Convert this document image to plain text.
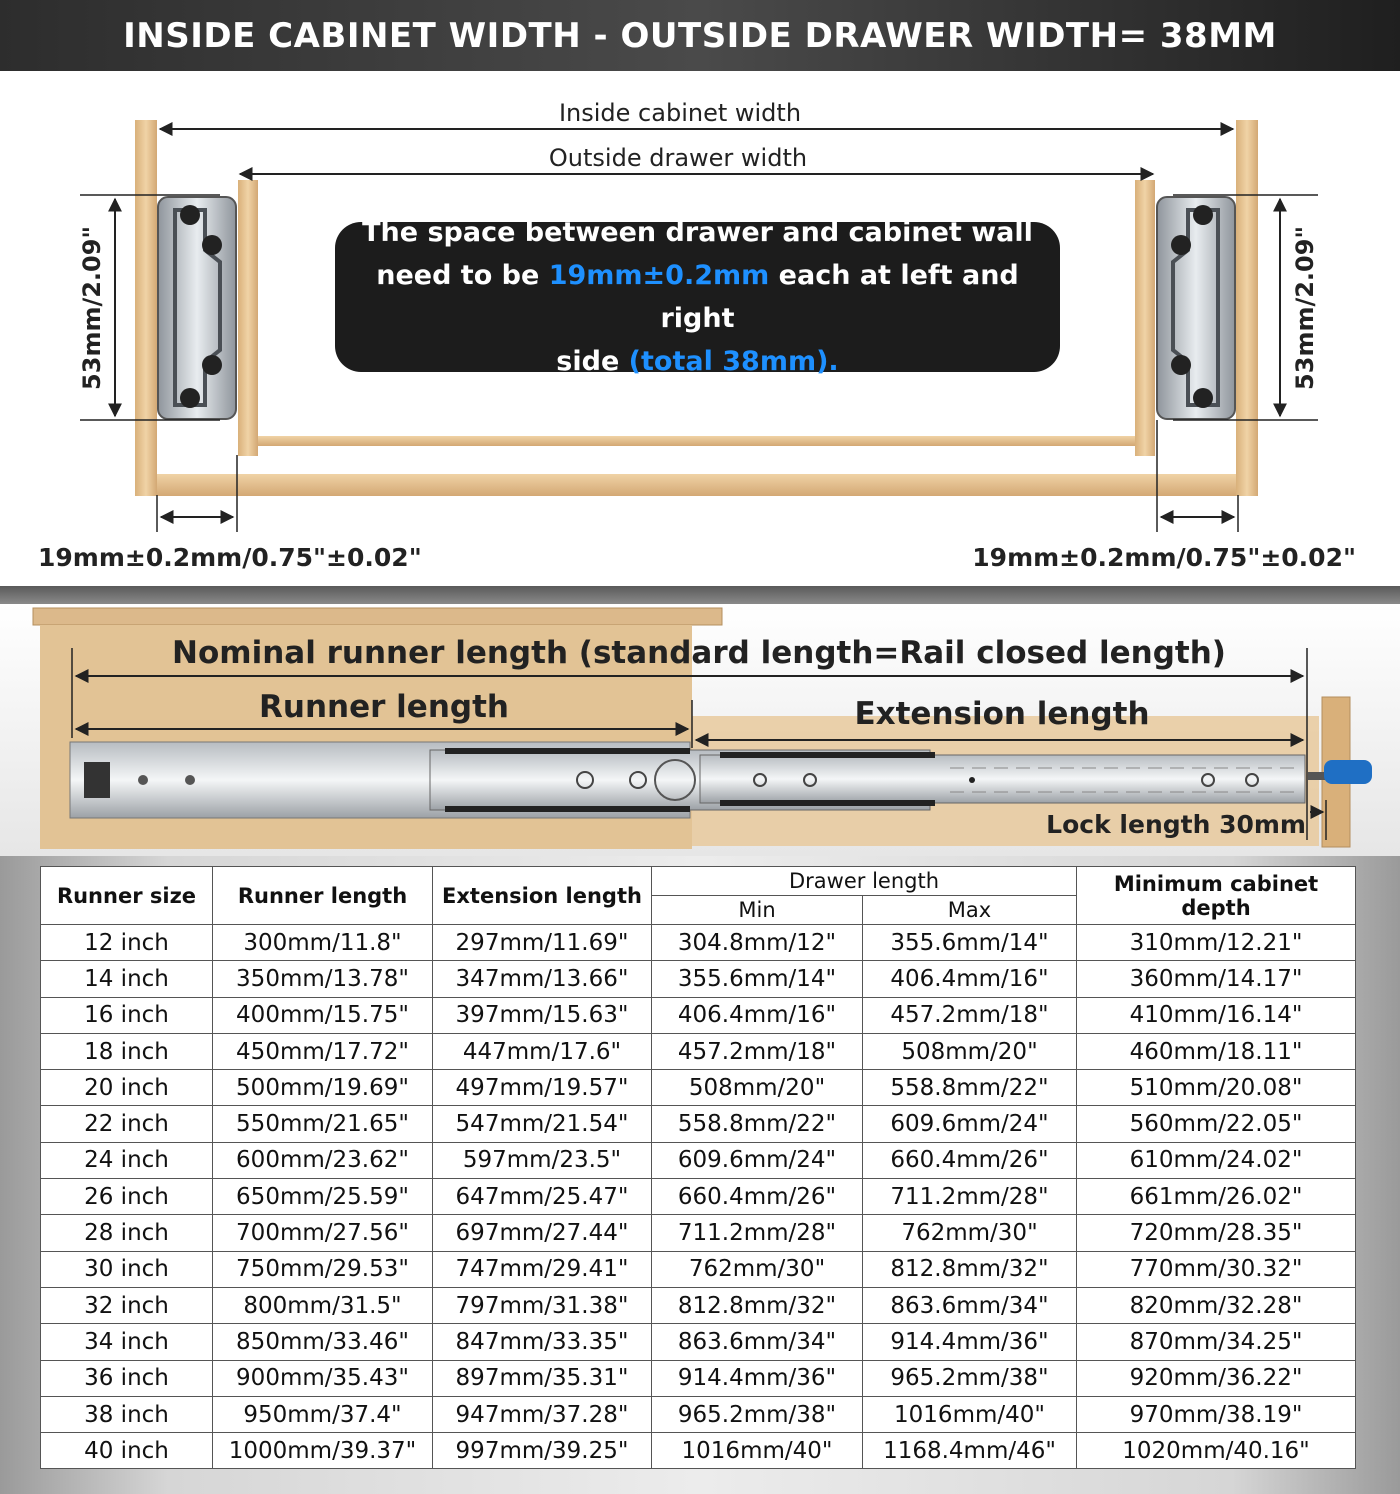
INSIDE CABINET WIDTH - OUTSIDE DRAWER WIDTH= 38MM
Inside cabinet width
Outside drawer width
53mm/2.09"	53mm/2.09"
19mm±0.2mm/0.75"±0.02"	19mm±0.2mm/0.75"±0.02"
The space between drawer and cabinet wall
need to be 19mm±0.2mm each at left and right
side (total 38mm).
Nominal runner length (standard length=Rail closed length)
Runner length	Extension length
Lock length 30mm
Runner size	Runner length	Extension length	Drawer length		Minimum cabinet depth
			Min	Max	
12 inch	300mm/11.8"	297mm/11.69"	304.8mm/12"	355.6mm/14"	310mm/12.21"
14 inch	350mm/13.78"	347mm/13.66"	355.6mm/14"	406.4mm/16"	360mm/14.17"
16 inch	400mm/15.75"	397mm/15.63"	406.4mm/16"	457.2mm/18"	410mm/16.14"
18 inch	450mm/17.72"	447mm/17.6"	457.2mm/18"	508mm/20"	460mm/18.11"
20 inch	500mm/19.69"	497mm/19.57"	508mm/20"	558.8mm/22"	510mm/20.08"
22 inch	550mm/21.65"	547mm/21.54"	558.8mm/22"	609.6mm/24"	560mm/22.05"
24 inch	600mm/23.62"	597mm/23.5"	609.6mm/24"	660.4mm/26"	610mm/24.02"
26 inch	650mm/25.59"	647mm/25.47"	660.4mm/26"	711.2mm/28"	661mm/26.02"
28 inch	700mm/27.56"	697mm/27.44"	711.2mm/28"	762mm/30"	720mm/28.35"
30 inch	750mm/29.53"	747mm/29.41"	762mm/30"	812.8mm/32"	770mm/30.32"
32 inch	800mm/31.5"	797mm/31.38"	812.8mm/32"	863.6mm/34"	820mm/32.28"
34 inch	850mm/33.46"	847mm/33.35"	863.6mm/34"	914.4mm/36"	870mm/34.25"
36 inch	900mm/35.43"	897mm/35.31"	914.4mm/36"	965.2mm/38"	920mm/36.22"
38 inch	950mm/37.4"	947mm/37.28"	965.2mm/38"	1016mm/40"	970mm/38.19"
40 inch	1000mm/39.37"	997mm/39.25"	1016mm/40"	1168.4mm/46"	1020mm/40.16"
